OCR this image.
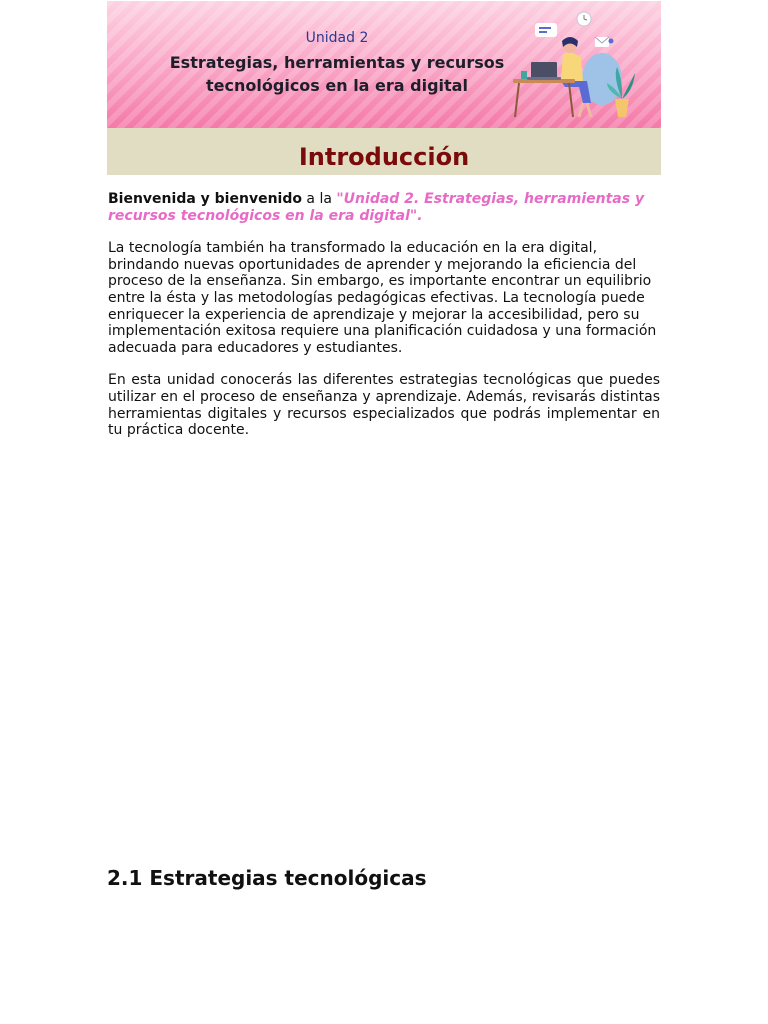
Unidad 2
Estrategias, herramientas y recursos
tecnológicos en la era digital
Introducción

Bienvenida y bienvenido a la "Unidad 2. Estrategias, herramientas y recursos tecnológicos en la era digital".

La tecnología también ha transformado la educación en la era digital, brindando nuevas oportunidades de aprender y mejorando la eficiencia del proceso de la enseñanza. Sin embargo, es importante encontrar un equilibrio entre la ésta y las metodologías pedagógicas efectivas. La tecnología puede enriquecer la experiencia de aprendizaje y mejorar la accesibilidad, pero su implementación exitosa requiere una planificación cuidadosa y una formación adecuada para educadores y estudiantes.

En esta unidad conocerás las diferentes estrategias tecnológicas que puedes utilizar en el proceso de enseñanza y aprendizaje. Además, revisarás distintas herramientas digitales y recursos especializados que podrás implementar en tu práctica docente.

2.1 Estrategias tecnológicas
